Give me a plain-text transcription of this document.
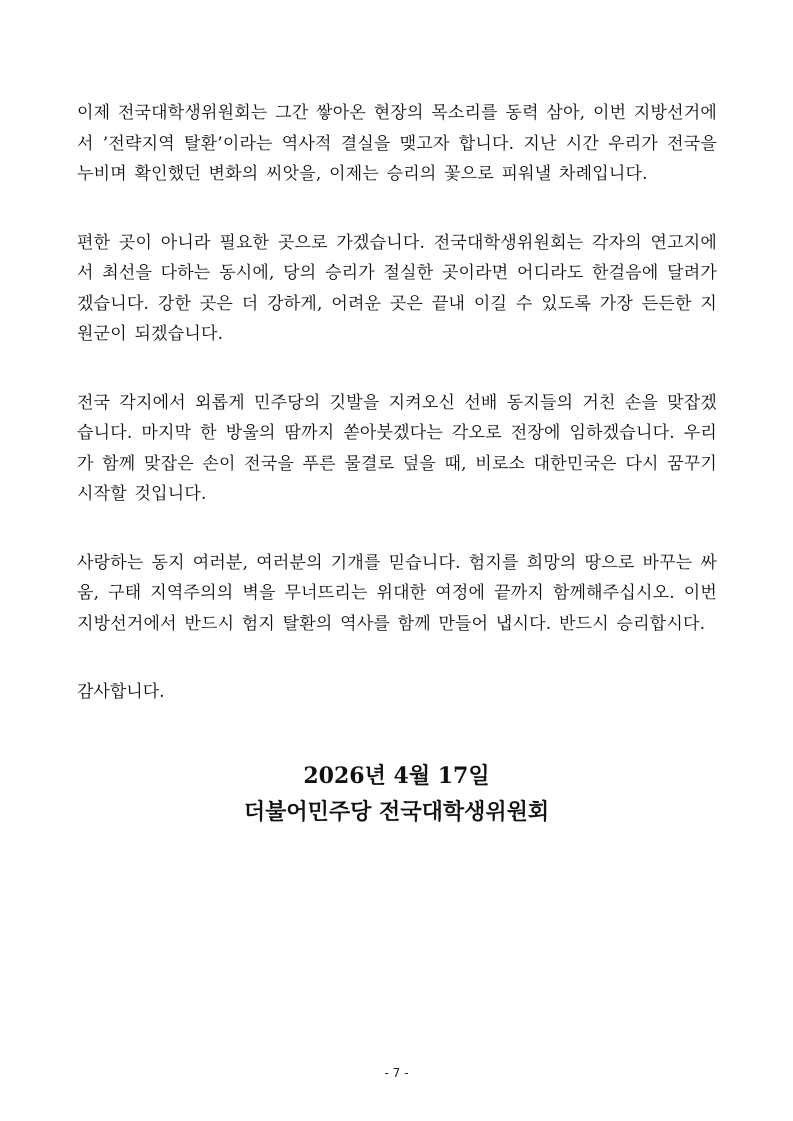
이제 전국대학생위원회는 그간 쌓아온 현장의 목소리를 동력 삼아, 이번 지방선거에서 ’전략지역 탈환’이라는 역사적 결실을 맺고자 합니다. 지난 시간 우리가 전국을 누비며 확인했던 변화의 씨앗을, 이제는 승리의 꽃으로 피워낼 차례입니다.

편한 곳이 아니라 필요한 곳으로 가겠습니다. 전국대학생위원회는 각자의 연고지에서 최선을 다하는 동시에, 당의 승리가 절실한 곳이라면 어디라도 한걸음에 달려가겠습니다. 강한 곳은 더 강하게, 어려운 곳은 끝내 이길 수 있도록 가장 든든한 지원군이 되겠습니다.

전국 각지에서 외롭게 민주당의 깃발을 지켜오신 선배 동지들의 거친 손을 맞잡겠습니다. 마지막 한 방울의 땀까지 쏟아붓겠다는 각오로 전장에 임하겠습니다. 우리가 함께 맞잡은 손이 전국을 푸른 물결로 덮을 때, 비로소 대한민국은 다시 꿈꾸기 시작할 것입니다.

사랑하는 동지 여러분, 여러분의 기개를 믿습니다. 험지를 희망의 땅으로 바꾸는 싸움, 구태 지역주의의 벽을 무너뜨리는 위대한 여정에 끝까지 함께해주십시오. 이번 지방선거에서 반드시 험지 탈환의 역사를 함께 만들어 냅시다. 반드시 승리합시다.

감사합니다.

2026년 4월 17일
더불어민주당 전국대학생위원회
- 7 -
